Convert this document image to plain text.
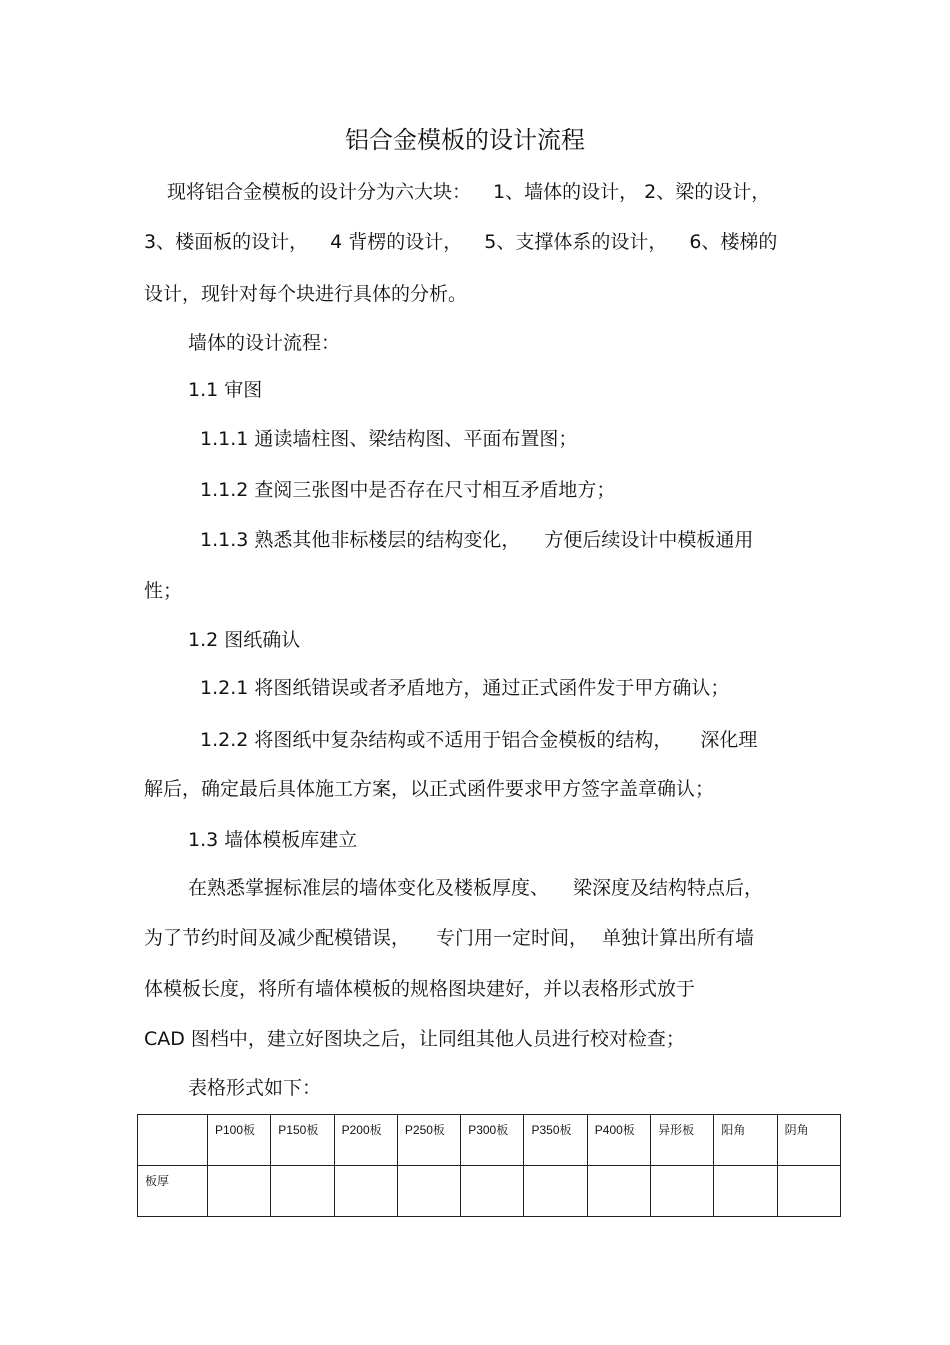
铝合金模板的设计流程

现将铝合金模板的设计分为六大块： 1、墙体的设计， 2、梁的设计，

3、楼面板的设计， 4 背楞的设计， 5、支撑体系的设计， 6、楼梯的

设计，现针对每个块进行具体的分析。

墙体的设计流程：

1.1 审图

1.1.1 通读墙柱图、梁结构图、平面布置图；

1.1.2 查阅三张图中是否存在尺寸相互矛盾地方；

1.1.3 熟悉其他非标楼层的结构变化， 方便后续设计中模板通用

性；

1.2 图纸确认

1.2.1 将图纸错误或者矛盾地方，通过正式函件发于甲方确认；

1.2.2 将图纸中复杂结构或不适用于铝合金模板的结构， 深化理

解后，确定最后具体施工方案，以正式函件要求甲方签字盖章确认；

1.3 墙体模板库建立

在熟悉掌握标准层的墙体变化及楼板厚度、 梁深度及结构特点后，

为了节约时间及减少配模错误， 专门用一定时间， 单独计算出所有墙

体模板长度，将所有墙体模板的规格图块建好，并以表格形式放于

CAD 图档中，建立好图块之后，让同组其他人员进行校对检查；

表格形式如下：

	P100板	P150板	P200板	P250板	P300板	P350板	P400板	异形板	阳角	阴角
板厚										
